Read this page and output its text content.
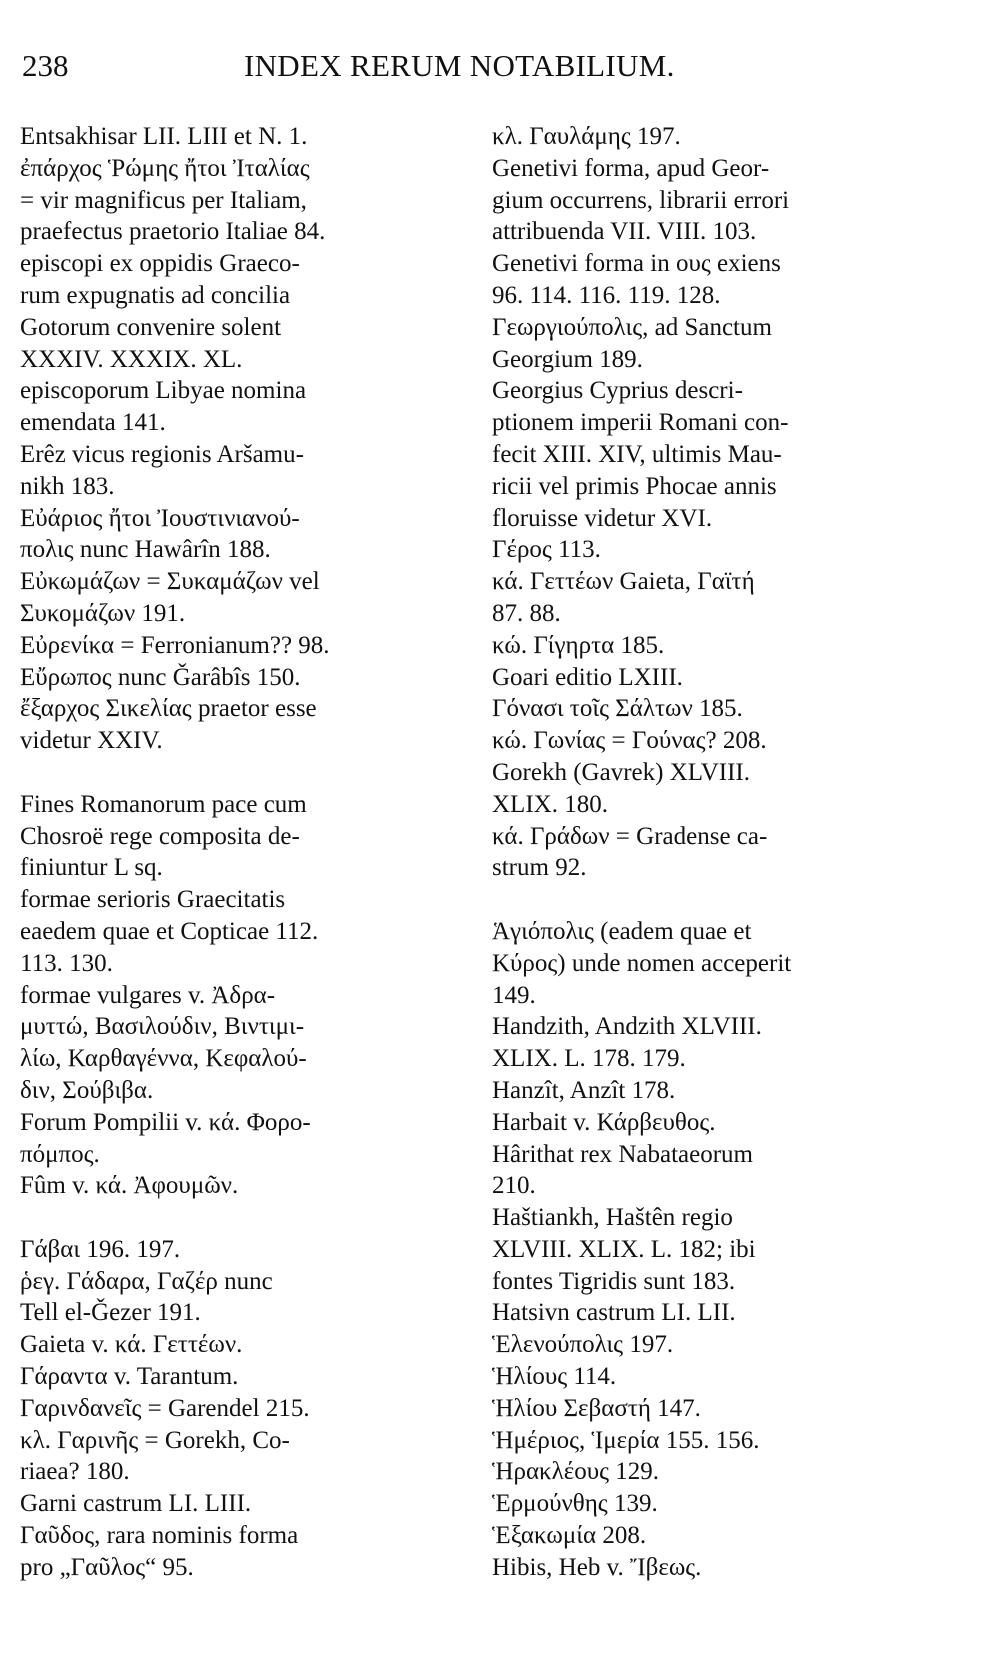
238	INDEX RERUM NOTABILIUM.
Entsakhisar LII. LIII et N. 1.
ἐπάρχος Ῥώμης ἤτοι Ἰταλίας
= vir magnificus per Italiam,
praefectus praetorio Italiae 84.
episcopi ex oppidis Graeco-
rum expugnatis ad concilia
Gotorum convenire solent
XXXIV. XXXIX. XL.
episcoporum Libyae nomina
emendata 141.
Erêz vicus regionis Aršamu-
nikh 183.
Εὐάριος ἤτοι Ἰουστινιανού-
πολις nunc Hawârîn 188.
Εὐκωμάζων = Συκαμάζων vel
Συκομάζων 191.
Εὐρενίκα = Ferronianum?? 98.
Εὔρωπος nunc Ǧarâbîs 150.
ἔξαρχος Σικελίας praetor esse
videtur XXIV.
Fines Romanorum pace cum
Chosroë rege composita de-
finiuntur L sq.
formae serioris Graecitatis
eaedem quae et Copticae 112.
113. 130.
formae vulgares v. Ἀδρα-
μυττώ, Βασιλούδιν, Βιντιμι-
λίω, Καρθαγέννα, Κεφαλού-
διν, Σούβιβα.
Forum Pompilii v. κά. Φορο-
πόμπος.
Fûm v. κά. Ἀφουμῶν.
Γάβαι 196. 197.
ῥεγ. Γάδαρα, Γαζέρ nunc
Tell el-Ǧezer 191.
Gaieta v. κά. Γεττέων.
Γάραντα v. Tarantum.
Γαρινδανεῖς = Garendel 215.
κλ. Γαρινῆς = Gorekh, Co-
riaea? 180.
Garni castrum LI. LIII.
Γαῦδος, rara nominis forma
pro „Γαῦλος“ 95.
κλ. Γαυλάμης 197.
Genetivi forma, apud Geor-
gium occurrens, librarii errori
attribuenda VII. VIII. 103.
Genetivi forma in ους exiens
96. 114. 116. 119. 128.
Γεωργιούπολις, ad Sanctum
Georgium 189.
Georgius Cyprius descri-
ptionem imperii Romani con-
fecit XIII. XIV, ultimis Mau-
ricii vel primis Phocae annis
floruisse videtur XVI.
Γέρος 113.
κά. Γεττέων Gaieta, Γαϊτή
87. 88.
κώ. Γίγηρτα 185.
Goari editio LXIII.
Γόνασι τοῖς Σάλτων 185.
κώ. Γωνίας = Γούνας? 208.
Gorekh (Gavrek) XLVIII.
XLIX. 180.
κά. Γράδων = Gradense ca-
strum 92.
Ἁγιόπολις (eadem quae et
Κύρος) unde nomen acceperit
149.
Handzith, Andzith XLVIII.
XLIX. L. 178. 179.
Hanzît, Anzît 178.
Harbait v. Κάρβευθος.
Hârithat rex Nabataeorum
210.
Haštiankh, Haštên regio
XLVIII. XLIX. L. 182; ibi
fontes Tigridis sunt 183.
Hatsivn castrum LI. LII.
Ἑλενούπολις 197.
Ἡλίους 114.
Ἡλίου Σεβαστή 147.
Ἡμέριος, Ἱμερία 155. 156.
Ἡρακλέους 129.
Ἑρμούνθης 139.
Ἑξακωμία 208.
Hibis, Heb v. Ἴβεως.
